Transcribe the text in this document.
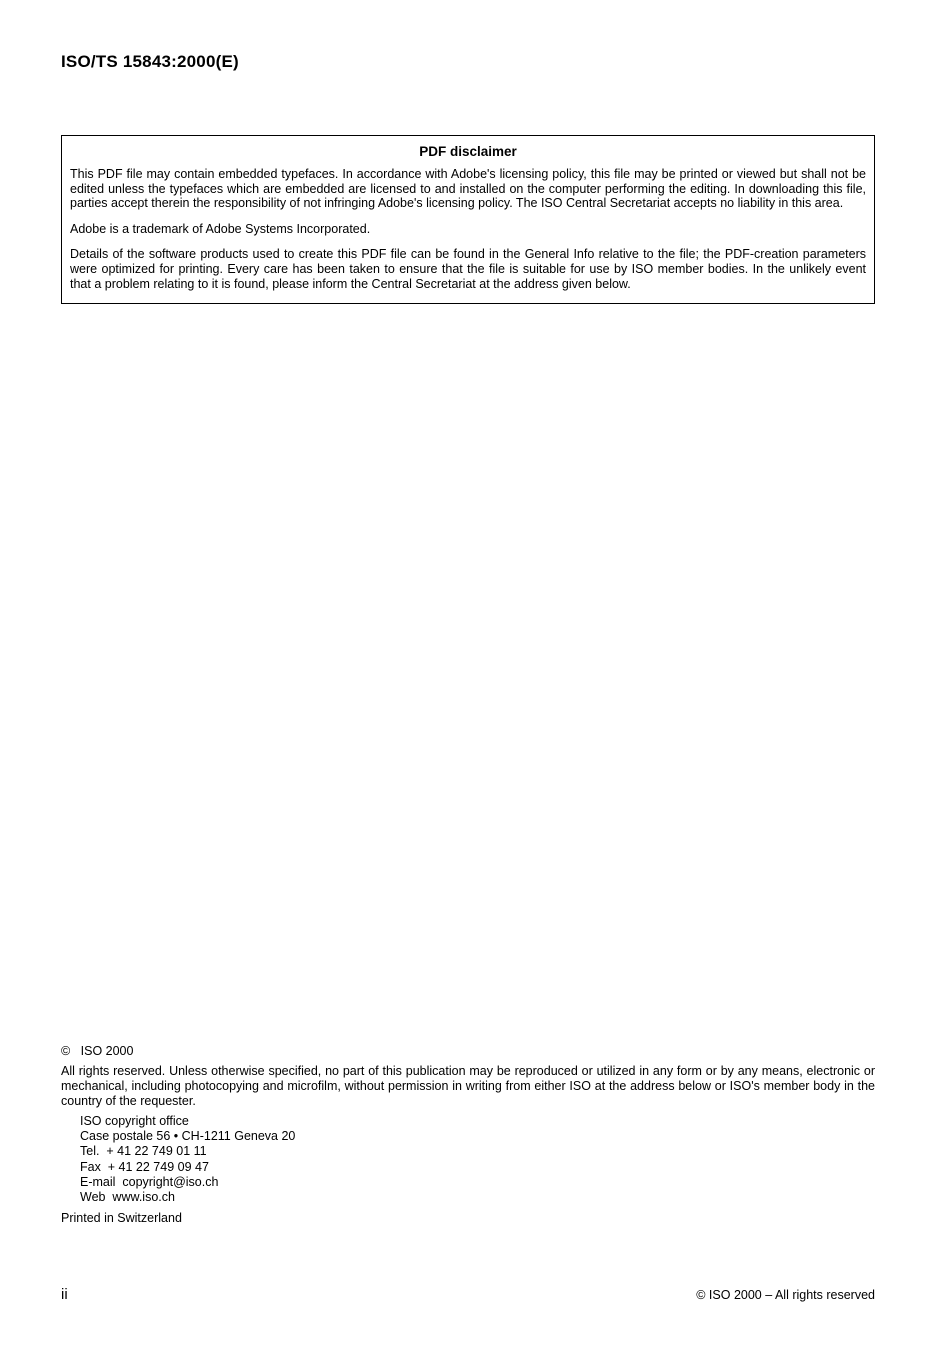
ISO/TS 15843:2000(E)
PDF disclaimer

This PDF file may contain embedded typefaces. In accordance with Adobe's licensing policy, this file may be printed or viewed but shall not be edited unless the typefaces which are embedded are licensed to and installed on the computer performing the editing. In downloading this file, parties accept therein the responsibility of not infringing Adobe's licensing policy. The ISO Central Secretariat accepts no liability in this area.

Adobe is a trademark of Adobe Systems Incorporated.

Details of the software products used to create this PDF file can be found in the General Info relative to the file; the PDF-creation parameters were optimized for printing. Every care has been taken to ensure that the file is suitable for use by ISO member bodies. In the unlikely event that a problem relating to it is found, please inform the Central Secretariat at the address given below.

©   ISO 2000
All rights reserved. Unless otherwise specified, no part of this publication may be reproduced or utilized in any form or by any means, electronic or mechanical, including photocopying and microfilm, without permission in writing from either ISO at the address below or ISO's member body in the country of the requester.
ISO copyright office
Case postale 56 • CH-1211 Geneva 20
Tel.  + 41 22 749 01 11
Fax  + 41 22 749 09 47
E-mail  copyright@iso.ch
Web  www.iso.ch
Printed in Switzerland
ii	© ISO 2000 – All rights reserved
